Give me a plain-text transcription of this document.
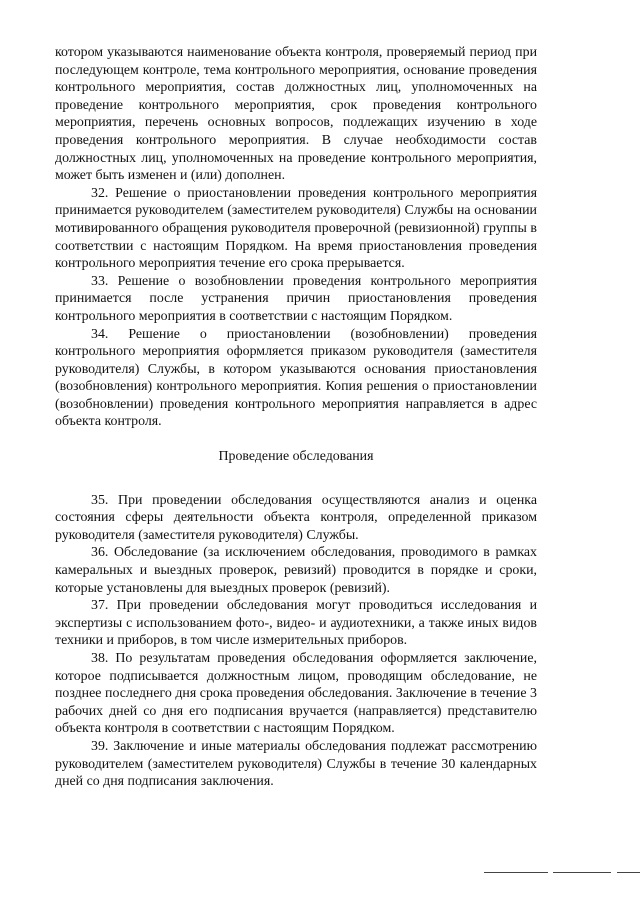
котором указываются наименование объекта контроля, проверяемый период при последующем контроле, тема контрольного мероприятия, основание проведения контрольного мероприятия, состав должностных лиц, уполномоченных на проведение контрольного мероприятия, срок проведения контрольного мероприятия, перечень основных вопросов, подлежащих изучению в ходе проведения контрольного мероприятия. В случае необходимости состав должностных лиц, уполномоченных на проведение контрольного мероприятия, может быть изменен и (или) дополнен.

32. Решение о приостановлении проведения контрольного мероприятия принимается руководителем (заместителем руководителя) Службы на основании мотивированного обращения руководителя проверочной (ревизионной) группы в соответствии с настоящим Порядком. На время приостановления проведения контрольного мероприятия течение его срока прерывается.

33. Решение о возобновлении проведения контрольного мероприятия принимается после устранения причин приостановления проведения контрольного мероприятия в соответствии с настоящим Порядком.

34. Решение о приостановлении (возобновлении) проведения контрольного мероприятия оформляется приказом руководителя (заместителя руководителя) Службы, в котором указываются основания приостановления (возобновления) контрольного мероприятия. Копия решения о приостановлении (возобновлении) проведения контрольного мероприятия направляется в адрес объекта контроля.

Проведение обследования

35. При проведении обследования осуществляются анализ и оценка состояния сферы деятельности объекта контроля, определенной приказом руководителя (заместителя руководителя) Службы.

36. Обследование (за исключением обследования, проводимого в рамках камеральных и выездных проверок, ревизий) проводится в порядке и сроки, которые установлены для выездных проверок (ревизий).

37. При проведении обследования могут проводиться исследования и экспертизы с использованием фото-, видео- и аудиотехники, а также иных видов техники и приборов, в том числе измерительных приборов.

38. По результатам проведения обследования оформляется заключение, которое подписывается должностным лицом, проводящим обследование, не позднее последнего дня срока проведения обследования. Заключение в течение 3 рабочих дней со дня его подписания вручается (направляется) представителю объекта контроля в соответствии с настоящим Порядком.

39. Заключение и иные материалы обследования подлежат рассмотрению руководителем (заместителем руководителя) Службы в течение 30 календарных дней со дня подписания заключения.
